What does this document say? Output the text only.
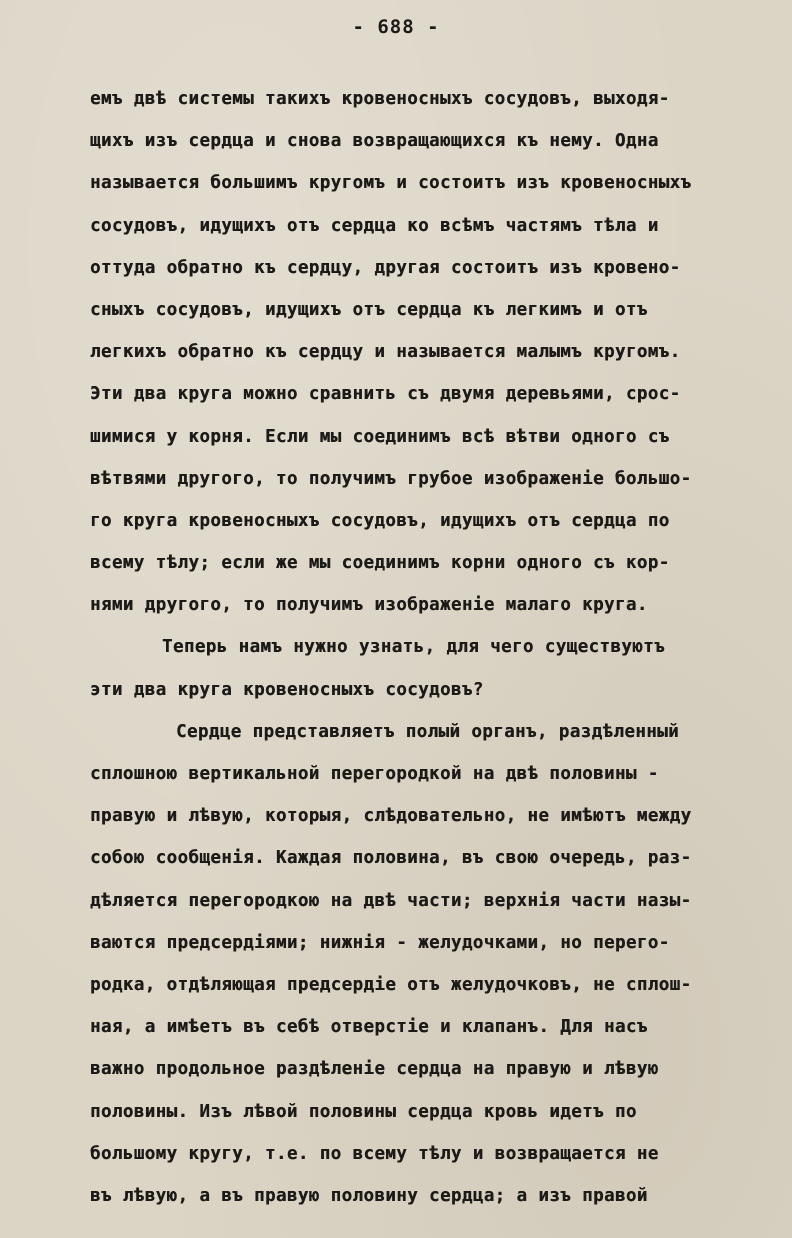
- 688 -
емъ двѣ системы такихъ кровеносныхъ сосудовъ, выходя-
щихъ изъ сердца и снова возвращающихся къ нему. Одна
называется большимъ кругомъ и состоитъ изъ кровеносныхъ
сосудовъ, идущихъ отъ сердца ко всѣмъ частямъ тѣла и
оттуда обратно къ сердцу, другая состоитъ изъ кровено-
сныхъ сосудовъ, идущихъ отъ сердца къ легкимъ и отъ
легкихъ обратно къ сердцу и называется малымъ кругомъ.
Эти два круга можно сравнить съ двумя деревьями, срос-
шимися у корня. Если мы соединимъ всѣ вѣтви одного съ
вѣтвями другого, то получимъ грубое изображеніе большо-
го круга кровеносныхъ сосудовъ, идущихъ отъ сердца по
всему тѣлу; если же мы соединимъ корни одного съ кор-
нями другого, то получимъ изображеніе малаго круга.
Теперь намъ нужно узнать, для чего существуютъ
эти два круга кровеносныхъ сосудовъ?
Сердце представляетъ полый органъ, раздѣленный
сплошною вертикальной перегородкой на двѣ половины -
правую и лѣвую, которыя, слѣдовательно, не имѣютъ между
собою сообщенія. Каждая половина, въ свою очередь, раз-
дѣляется перегородкою на двѣ части; верхнія части назы-
ваются предсердіями; нижнія - желудочками, но перего-
родка, отдѣляющая предсердіе отъ желудочковъ, не сплош-
ная, а имѣетъ въ себѣ отверстіе и клапанъ. Для насъ
важно продольное раздѣленіе сердца на правую и лѣвую
половины. Изъ лѣвой половины сердца кровь идетъ по
большому кругу, т.е. по всему тѣлу и возвращается не
въ лѣвую, а въ правую половину сердца; а изъ правой
